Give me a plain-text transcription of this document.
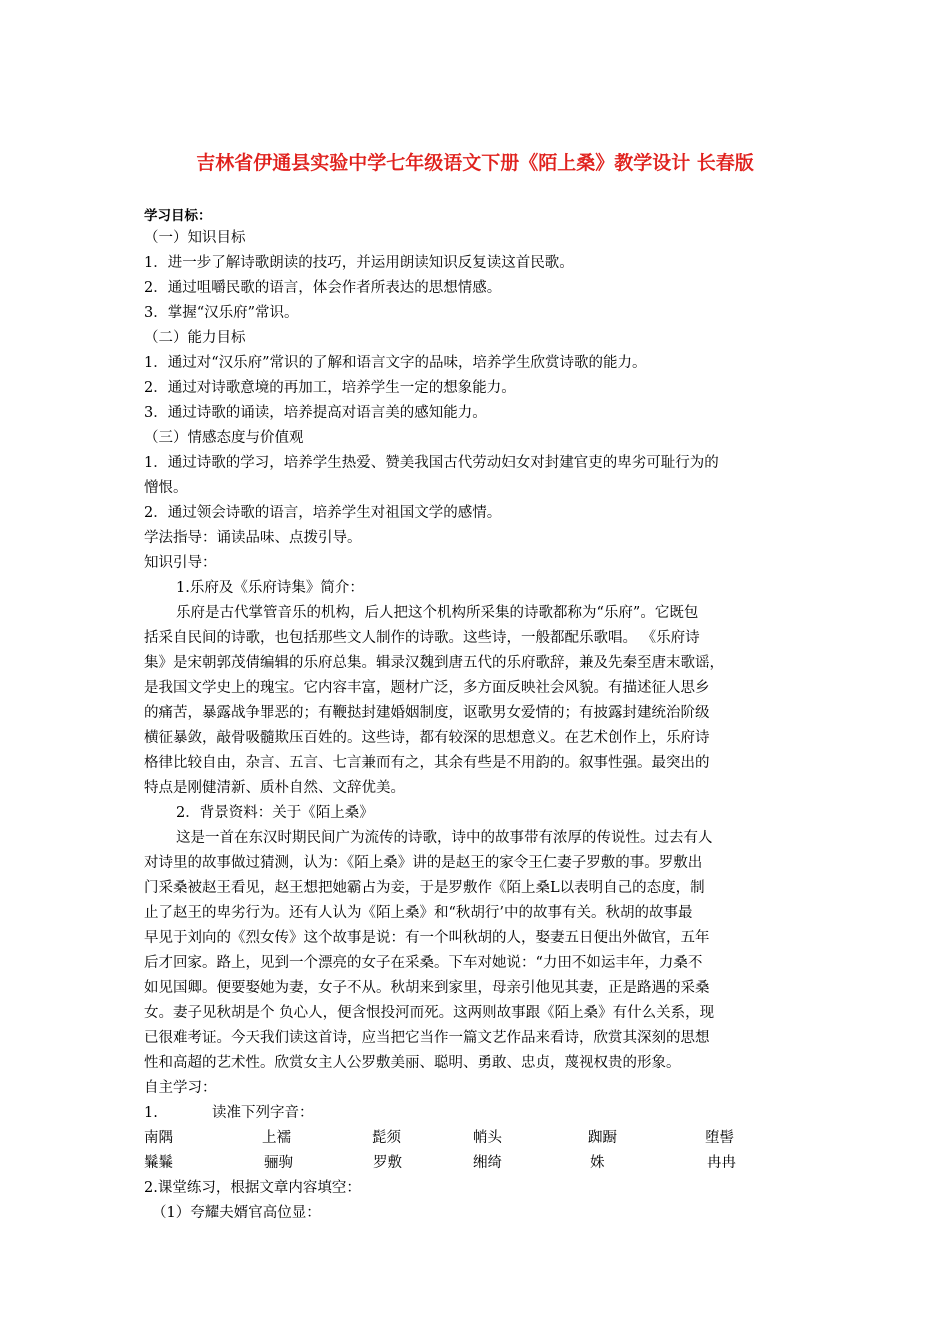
吉林省伊通县实验中学七年级语文下册《陌上桑》教学设计 长春版
学习目标：
（一）知识目标
1．进一步了解诗歌朗读的技巧，并运用朗读知识反复读这首民歌。
2．通过咀嚼民歌的语言，体会作者所表达的思想情感。
3．掌握“汉乐府”常识。
（二）能力目标
1．通过对“汉乐府”常识的了解和语言文字的品味，培养学生欣赏诗歌的能力。
2．通过对诗歌意境的再加工，培养学生一定的想象能力。
3．通过诗歌的诵读，培养提高对语言美的感知能力。
（三）情感态度与价值观
1．通过诗歌的学习，培养学生热爱、赞美我国古代劳动妇女对封建官吏的卑劣可耻行为的
憎恨。
2．通过领会诗歌的语言，培养学生对祖国文学的感情。
学法指导：诵读品味、点拨引导。
知识引导：
1.乐府及《乐府诗集》简介：
乐府是古代掌管音乐的机构，后人把这个机构所采集的诗歌都称为“乐府”。它既包
括采自民间的诗歌，也包括那些文人制作的诗歌。这些诗，一般都配乐歌唱。 《乐府诗
集》是宋朝郭茂倩编辑的乐府总集。辑录汉魏到唐五代的乐府歌辞，兼及先秦至唐末歌谣，
是我国文学史上的瑰宝。它内容丰富，题材广泛，多方面反映社会风貌。有描述征人思乡
的痛苦，暴露战争罪恶的；有鞭挞封建婚姻制度，讴歌男女爱情的；有披露封建统治阶级
横征暴敛，敲骨吸髓欺压百姓的。这些诗，都有较深的思想意义。在艺术创作上，乐府诗
格律比较自由，杂言、五言、七言兼而有之，其余有些是不用韵的。叙事性强。最突出的
特点是刚健清新、质朴自然、文辞优美。
2．背景资料：关于《陌上桑》
这是一首在东汉时期民间广为流传的诗歌，诗中的故事带有浓厚的传说性。过去有人
对诗里的故事做过猜测，认为：《陌上桑》讲的是赵王的家令王仁妻子罗敷的事。罗敷出
门采桑被赵王看见，赵王想把她霸占为妾，于是罗敷作《陌上桑L以表明自己的态度，制
止了赵王的卑劣行为。还有人认为《陌上桑》和“秋胡行’中的故事有关。秋胡的故事最
早见于刘向的《烈女传》这个故事是说：有一个叫秋胡的人，娶妻五日便出外做官，五年
后才回家。路上，见到一个漂亮的女子在采桑。下车对她说：“力田不如运丰年，力桑不
如见国卿。便要娶她为妻，女子不从。秋胡来到家里，母亲引他见其妻，正是路遇的采桑
女。妻子见秋胡是个 负心人，便含恨投河而死。这两则故事跟《陌上桑》有什么关系，现
已很难考证。今天我们读这首诗，应当把它当作一篇文艺作品来看诗，欣赏其深刻的思想
性和高超的艺术性。欣赏女主人公罗敷美丽、聪明、勇敢、忠贞，蔑视权贵的形象。
自主学习：
1.	读准下列字音：
南隅	上襦	髭须	帩头	踟蹰	堕髻
鬑鬑	骊驹	罗敷	缃绮	姝	冉冉
2.课堂练习，根据文章内容填空：
（1）夸耀夫婿官高位显：
